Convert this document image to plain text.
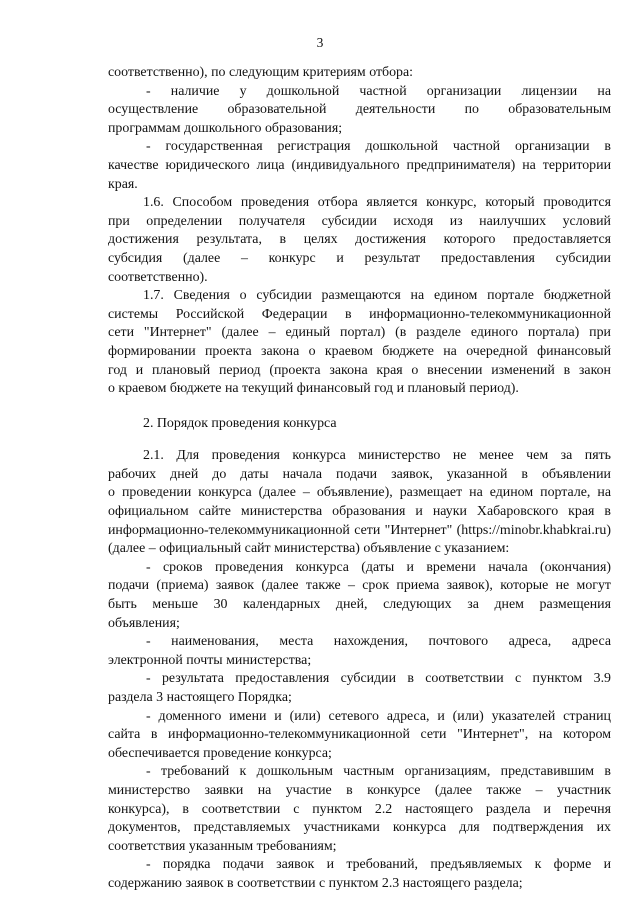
3
соответственно), по следующим критериям отбора:
- наличие у дошкольной частной организации лицензии на
осуществление образовательной деятельности по образовательным
программам дошкольного образования;
- государственная регистрация дошкольной частной организации в
качестве юридического лица (индивидуального предпринимателя) на территории
края.
1.6. Способом проведения отбора является конкурс, который проводится
при определении получателя субсидии исходя из наилучших условий
достижения результата, в целях достижения которого предоставляется
субсидия (далее – конкурс и результат предоставления субсидии
соответственно).
1.7. Сведения о субсидии размещаются на едином портале бюджетной
системы Российской Федерации в информационно-телекоммуникационной
сети "Интернет" (далее – единый портал) (в разделе единого портала) при
формировании проекта закона о краевом бюджете на очередной финансовый
год и плановый период (проекта закона края о внесении изменений в закон
о краевом бюджете на текущий финансовый год и плановый период).
2. Порядок проведения конкурса
2.1. Для проведения конкурса министерство не менее чем за пять
рабочих дней до даты начала подачи заявок, указанной в объявлении
о проведении конкурса (далее – объявление), размещает на едином портале, на
официальном сайте министерства образования и науки Хабаровского края в
информационно-телекоммуникационной сети "Интернет" (https://minobr.khabkrai.ru)
(далее – официальный сайт министерства) объявление с указанием:
- сроков проведения конкурса (даты и времени начала (окончания)
подачи (приема) заявок (далее также – срок приема заявок), которые не могут
быть меньше 30 календарных дней, следующих за днем размещения
объявления;
- наименования, места нахождения, почтового адреса, адреса
электронной почты министерства;
- результата предоставления субсидии в соответствии с пунктом 3.9
раздела 3 настоящего Порядка;
- доменного имени и (или) сетевого адреса, и (или) указателей страниц
сайта в информационно-телекоммуникационной сети "Интернет", на котором
обеспечивается проведение конкурса;
- требований к дошкольным частным организациям, представившим в
министерство заявки на участие в конкурсе (далее также – участник
конкурса), в соответствии с пунктом 2.2 настоящего раздела и перечня
документов, представляемых участниками конкурса для подтверждения их
соответствия указанным требованиям;
- порядка подачи заявок и требований, предъявляемых к форме и
содержанию заявок в соответствии с пунктом 2.3 настоящего раздела;
